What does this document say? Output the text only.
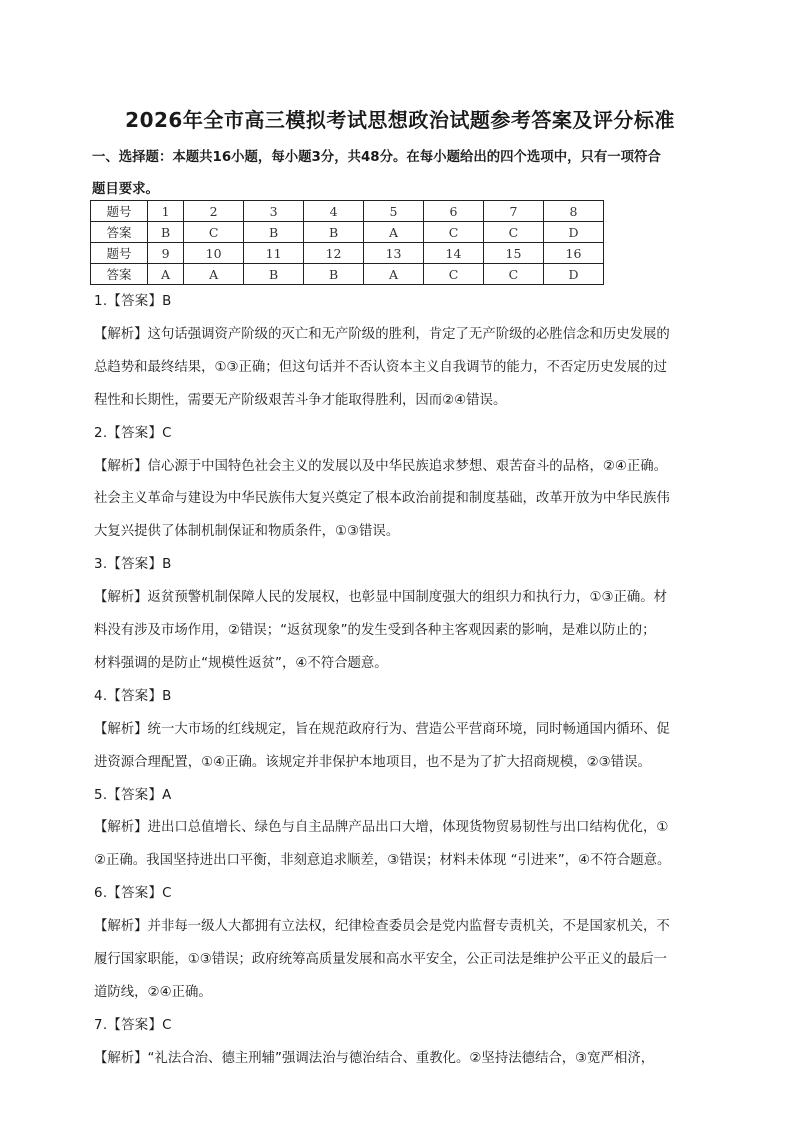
2026年全市高三模拟考试思想政治试题参考答案及评分标准
一、选择题：本题共16小题，每小题3分，共48分。在每小题给出的四个选项中，只有一项符合
题目要求。
题号	1	2	3	4	5	6	7	8
答案	B	C	B	B	A	C	C	D
题号	9	10	11	12	13	14	15	16
答案	A	A	B	B	A	C	C	D
1.【答案】B
【解析】这句话强调资产阶级的灭亡和无产阶级的胜利，肯定了无产阶级的必胜信念和历史发展的
总趋势和最终结果，①③正确；但这句话并不否认资本主义自我调节的能力，不否定历史发展的过
程性和长期性，需要无产阶级艰苦斗争才能取得胜利，因而②④错误。
2.【答案】C
【解析】信心源于中国特色社会主义的发展以及中华民族追求梦想、艰苦奋斗的品格，②④正确。
社会主义革命与建设为中华民族伟大复兴奠定了根本政治前提和制度基础，改革开放为中华民族伟
大复兴提供了体制机制保证和物质条件，①③错误。
3.【答案】B
【解析】返贫预警机制保障人民的发展权，也彰显中国制度强大的组织力和执行力，①③正确。材
料没有涉及市场作用，②错误；“返贫现象”的发生受到各种主客观因素的影响，是难以防止的；
材料强调的是防止“规模性返贫”，④不符合题意。
4.【答案】B
【解析】统一大市场的红线规定，旨在规范政府行为、营造公平营商环境，同时畅通国内循环、促
进资源合理配置，①④正确。该规定并非保护本地项目，也不是为了扩大招商规模，②③错误。
5.【答案】A
【解析】进出口总值增长、绿色与自主品牌产品出口大增，体现货物贸易韧性与出口结构优化，①
②正确。我国坚持进出口平衡，非刻意追求顺差，③错误；材料未体现 “引进来”，④不符合题意。
6.【答案】C
【解析】并非每一级人大都拥有立法权，纪律检查委员会是党内监督专责机关，不是国家机关，不
履行国家职能，①③错误；政府统筹高质量发展和高水平安全，公正司法是维护公平正义的最后一
道防线，②④正确。
7.【答案】C
【解析】“礼法合治、德主刑辅”强调法治与德治结合、重教化。②坚持法德结合，③宽严相济，
